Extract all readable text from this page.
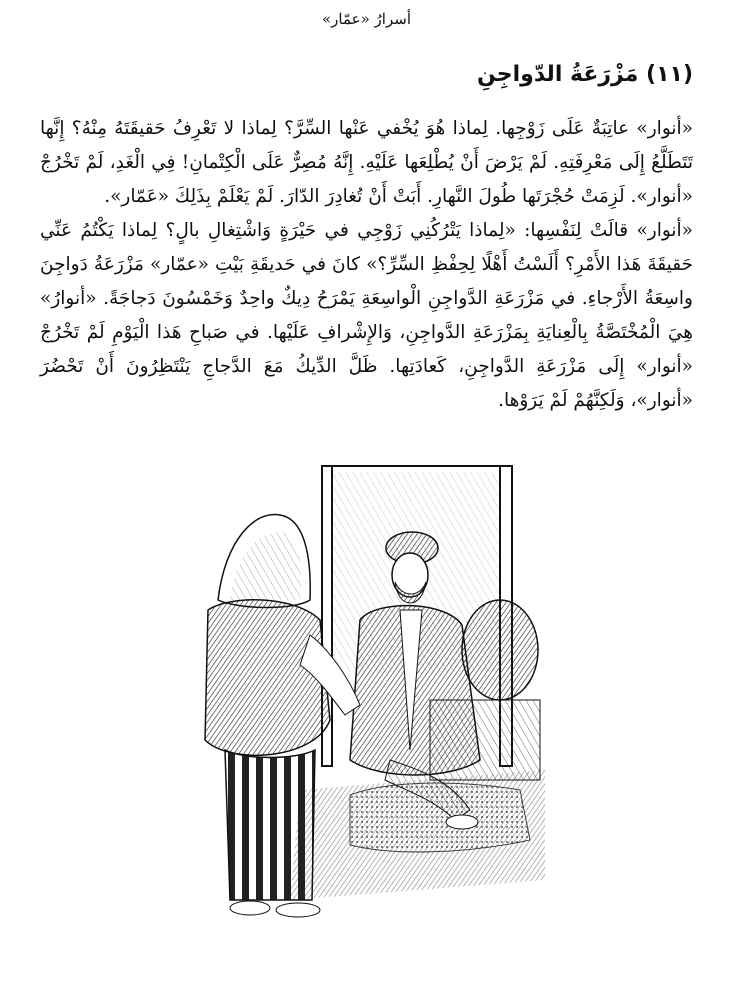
أسرارُ «عمّار»
(١١) مَزْرَعَةُ الدّواجِنِ

«أنوار» عاتِبَةٌ عَلَى زَوْجِها. لِماذا هُوَ يُخْفي عَنْها السِّرَّ؟ لِماذا لا تَعْرِفُ حَقيقَتَهُ مِنْهُ؟ إِنَّها تَتَطَلَّعُ إِلَى مَعْرِفَتِهِ. لَمْ يَرْضَ أَنْ يُطْلِعَها عَلَيْهِ. إِنَّهُ مُصِرٌّ عَلَى الْكِتْمانِ! فِي الْغَدِ، لَمْ تَخْرُجْ «أنوار». لَزِمَتْ حُجْرَتَها طُولَ النَّهارِ. أَبَتْ أَنْ تُغادِرَ الدّارَ. لَمْ يَعْلَمْ بِذَلِكَ «عَمّار».

«أنوار» قالَتْ لِنَفْسِها: «لِماذا يَتْرُكُنِي زَوْجِي في حَيْرَةٍ وَاشْتِغالِ بالٍ؟ لِماذا يَكْتُمُ عَنِّي حَقيقَةَ هَذا الأَمْرِ؟ أَلَسْتُ أَهْلًا لِحِفْظِ السِّرِّ؟» كانَ في حَديقَةِ بَيْتِ «عمّار» مَزْرَعَةُ دَواجِنَ واسِعَةُ الأَرْجاءِ. في مَزْرَعَةِ الدَّواجِنِ الْواسِعَةِ يَمْرَحُ دِيكٌ واحِدٌ وَخَمْسُونَ دَجاجَةً. «أنوارُ» هِيَ الْمُخْتَصَّةُ بِالْعِنايَةِ بِمَزْرَعَةِ الدَّواجِنِ، وَالإِشْرافِ عَلَيْها. في صَباحِ هَذا الْيَوْمِ لَمْ تَخْرُجْ «أنوار» إِلَى مَزْرَعَةِ الدَّواجِنِ، كَعادَتِها. ظَلَّ الدِّيكُ مَعَ الدَّجاجِ يَنْتَظِرُونَ أَنْ تَحْضُرَ «أنوار»، وَلَكِنَّهُمْ لَمْ يَرَوْها.
